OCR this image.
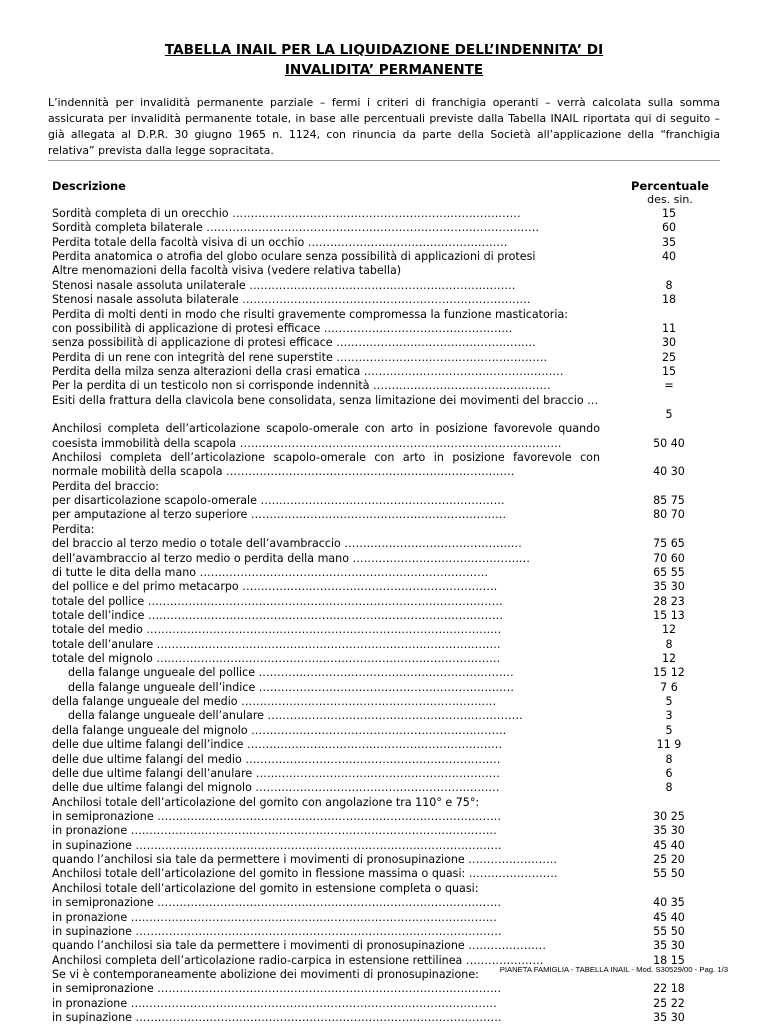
TABELLA INAIL PER LA LIQUIDAZIONE DELL’INDENNITA’ DI
INVALIDITA’ PERMANENTE
L’indennità per invalidità permanente parziale – fermi i criteri di franchigia operanti – verrà calcolata sulla somma assicurata per invalidità permanente totale, in base alle percentuali previste dalla Tabella INAIL riportata qui di seguito – già allegata al D.P.R. 30 giugno 1965 n. 1124, con rinuncia da parte della Società all’applicazione della “franchigia relativa” prevista dalla legge sopracitata.
Descrizione	Percentuale
des. sin.
Sordità completa di un orecchio ……………………………………………………………………	15
Sordità completa bilaterale ………………………………………………………………………………	60
Perdita totale della facoltà visiva di un occhio ………………………………………………	35
Perdita anatomica o atrofia del globo oculare senza possibilità di applicazioni di protesi	40
Altre menomazioni della facoltà visiva (vedere relativa tabella)
Stenosi nasale assoluta unilaterale ………………………………………………………………	8
Stenosi nasale assoluta bilaterale ……………………………………………………………………	18
Perdita di molti denti in modo che risulti gravemente compromessa la funzione masticatoria:
con possibilità di applicazione di protesi efficace ……………………………………………	11
senza possibilità di applicazione di protesi efficace ………………………………………………	30
Perdita di un rene con integrità del rene superstite …………………………………………………	25
Perdita della milza senza alterazioni della crasi ematica ………………………………………………	15
Per la perdita di un testicolo non si corrisponde indennità …………………………………………	=
Esiti della frattura della clavicola bene consolidata, senza limitazione dei movimenti del braccio …
5
Anchilosi completa dell’articolazione scapolo-omerale con arto in posizione favorevole quando coesista immobilità della scapola ……………………………………………………………………………	50 40
Anchilosi completa dell’articolazione scapolo-omerale con arto in posizione favorevole con normale mobilità della scapola ……………………………………………………………………	40 30
Perdita del braccio:
per disarticolazione scapolo-omerale …………………………………………………………	85 75
per amputazione al terzo superiore ……………………………………………………………	80 70
Perdita:
del braccio al terzo medio o totale dell’avambraccio …………………………………………	75 65
dell’avambraccio al terzo medio o perdita della mano …………………………………………	70 60
di tutte le dita della mano ……………………………………………………………………	65 55
del pollice e del primo metacarpo ……………………………………………………………	35 30
totale del pollice ……………………………………………………………………………………	28 23
totale dell’indice ……………………………………………………………………………………	15 13
totale del medio ……………………………………………………………………………………	12
totale dell’anulare …………………………………………………………………………………	8
totale del mignolo …………………………………………………………………………………	12
della falange ungueale del pollice ……………………………………………………………	15 12
della falange ungueale dell’indice ……………………………………………………………	7 6
della falange ungueale del medio ……………………………………………………………	5
della falange ungueale dell’anulare ……………………………………………………………	3
della falange ungueale del mignolo ……………………………………………………………	5
delle due ultime falangi dell’indice ……………………………………………………………	11 9
delle due ultime falangi del medio ……………………………………………………………	8
delle due ultime falangi dell’anulare …………………………………………………………	6
delle due ultime falangi del mignolo …………………………………………………………	8
Anchilosi totale dell’articolazione del gomito con angolazione tra 110° e 75°:
in semipronazione …………………………………………………………………………………	30 25
in pronazione ………………………………………………………………………………………	35 30
in supinazione ………………………………………………………………………………………	45 40
quando l’anchilosi sia tale da permettere i movimenti di pronosupinazione ……………………	25 20
Anchilosi totale dell’articolazione del gomito in flessione massima o quasi: ……………………	55 50
Anchilosi totale dell’articolazione del gomito in estensione completa o quasi:
in semipronazione …………………………………………………………………………………	40 35
in pronazione ………………………………………………………………………………………	45 40
in supinazione ………………………………………………………………………………………	55 50
quando l’anchilosi sia tale da permettere i movimenti di pronosupinazione …………………	35 30
Anchilosi completa dell’articolazione radio-carpica in estensione rettilinea …………………	18 15
Se vi è contemporaneamente abolizione dei movimenti di pronosupinazione:
in semipronazione …………………………………………………………………………………	22 18
in pronazione ………………………………………………………………………………………	25 22
in supinazione ………………………………………………………………………………………	35 30
PIANETA FAMIGLIA - TABELLA INAIL - Mod. S30529/00 - Pag. 1/3
